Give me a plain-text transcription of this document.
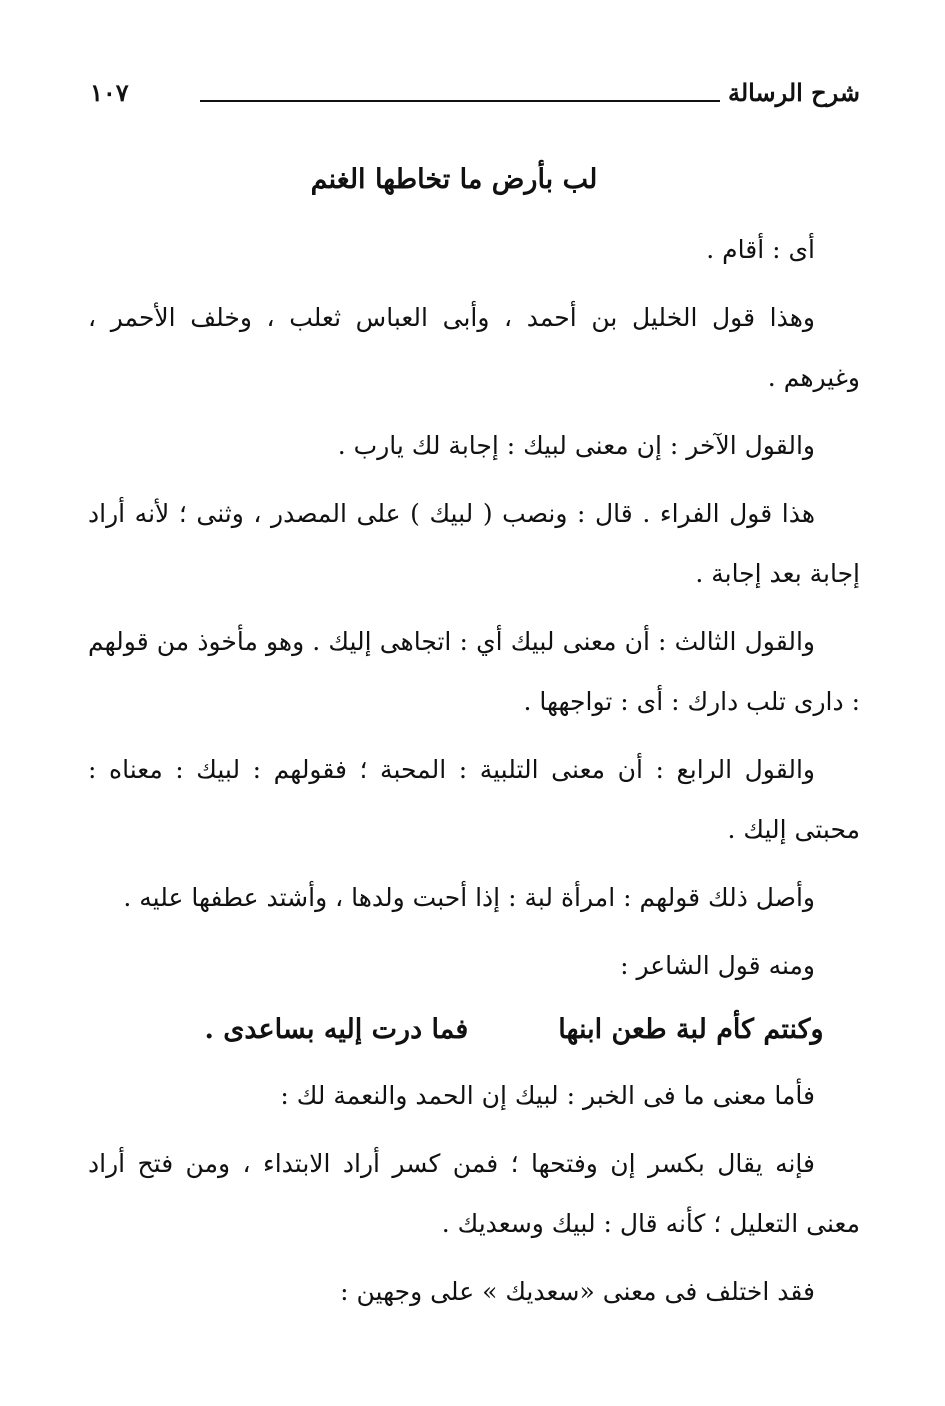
شرح الرسالة
١٠٧

لب بأرض ما تخاطها الغنم

أى : أقام .

وهذا قول الخليل بن أحمد ، وأبى العباس ثعلب ، وخلف الأحمر ، وغيرهم .

والقول الآخر : إن معنى لبيك : إجابة لك يارب .

هذا قول الفراء . قال : ونصب ( لبيك ) على المصدر ، وثنى ؛ لأنه أراد إجابة بعد إجابة .

والقول الثالث : أن معنى لبيك أي : اتجاهى إليك . وهو مأخوذ من قولهم : دارى تلب دارك : أى : تواجهها .

والقول الرابع : أن معنى التلبية : المحبة ؛ فقولهم : لبيك : معناه : محبتى إليك .

وأصل ذلك قولهم : امرأة لبة : إذا أحبت ولدها ، وأشتد عطفها عليه .

ومنه قول الشاعر :

وكنتم كأم لبة طعن ابنها
فما درت إليه بساعدى .

فأما معنى ما فى الخبر : لبيك إن الحمد والنعمة لك :

فإنه يقال بكسر إن وفتحها ؛ فمن كسر أراد الابتداء ، ومن فتح أراد معنى التعليل ؛ كأنه قال : لبيك وسعديك .

فقد اختلف فى معنى «سعديك » على وجهين :
